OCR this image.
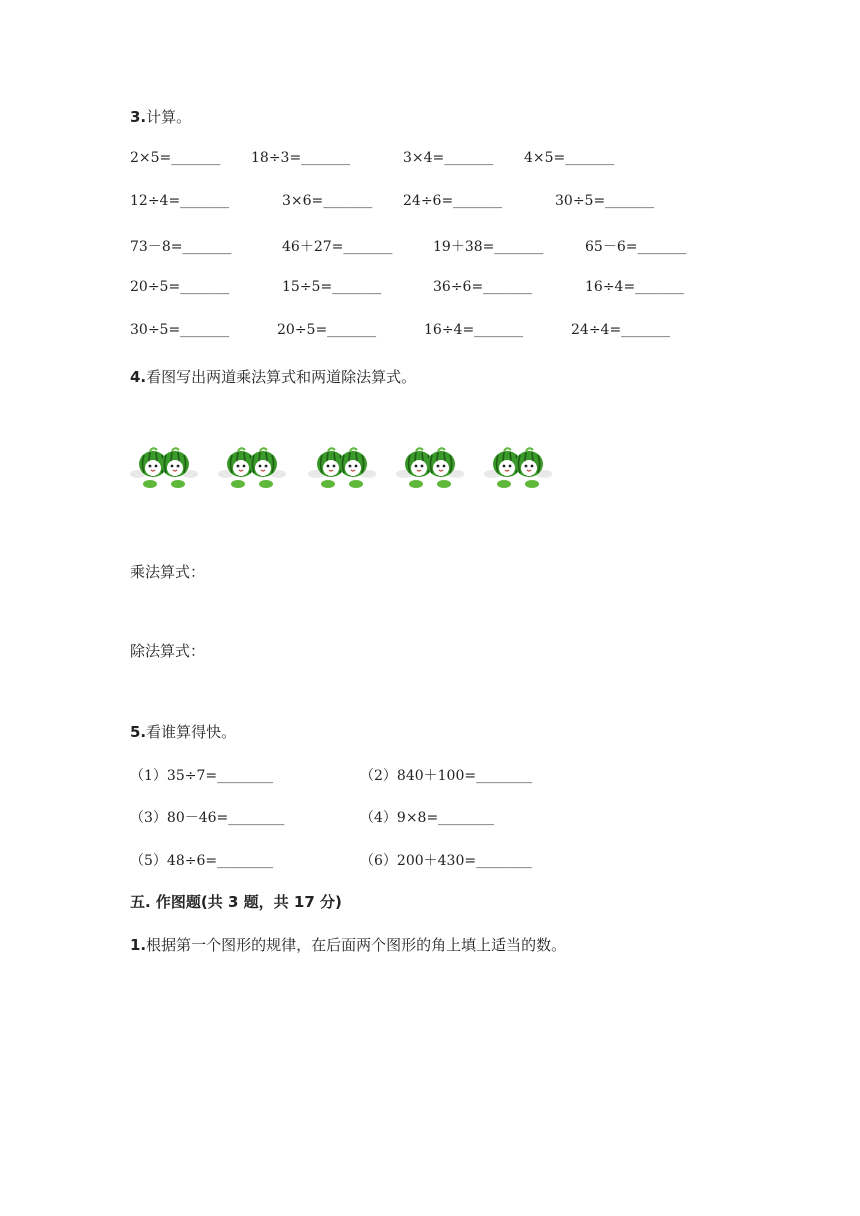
3.计算。
2×5=_______ 18÷3=_______	3×4=_______ 4×5=_______
12÷4=_______	3×6=_______ 24÷6=_______	30÷5=_______
73－8=_______	46＋27=_______	19＋38=_______	65－6=_______
20÷5=_______	15÷5=_______	36÷6=_______	16÷4=_______
30÷5=_______	20÷5=_______	16÷4=_______	24÷4=_______
4.看图写出两道乘法算式和两道除法算式。
乘法算式：
除法算式：
5.看谁算得快。
（1）35÷7=________	（2）840＋100=________
（3）80－46=________	（4）9×8=________
（5）48÷6=________	（6）200＋430=________
五. 作图题(共 3 题，共 17 分)
1.根据第一个图形的规律，在后面两个图形的角上填上适当的数。
